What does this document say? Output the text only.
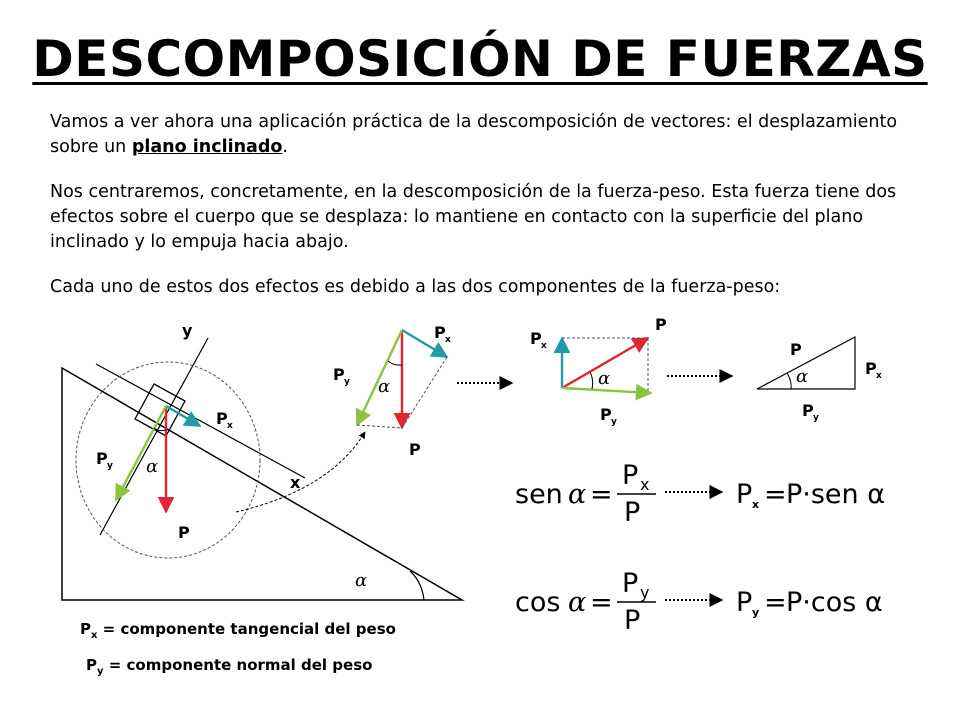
DESCOMPOSICIÓN DE FUERZAS

Vamos a ver ahora una aplicación práctica de la descomposición de vectores: el desplazamiento sobre un plano inclinado.

Nos centraremos, concretamente, en la descomposición de la fuerza-peso. Esta fuerza tiene dos efectos sobre el cuerpo que se desplaza: lo mantiene en contacto con la superficie del plano inclinado y lo empuja hacia abajo.

Cada uno de estos dos efectos es debido a las dos componentes de la fuerza-peso:

α
y
x
α
P x
P y
P
α
P x
P y
P
α
P x
P
P y
α
P
P x
P y
sen α =
P x
P
P x = P·sen α
cos α =
P y
P
P y = P·cos α
$P_x$ = componente tangencial del peso
$P_y$ = componente normal del peso
